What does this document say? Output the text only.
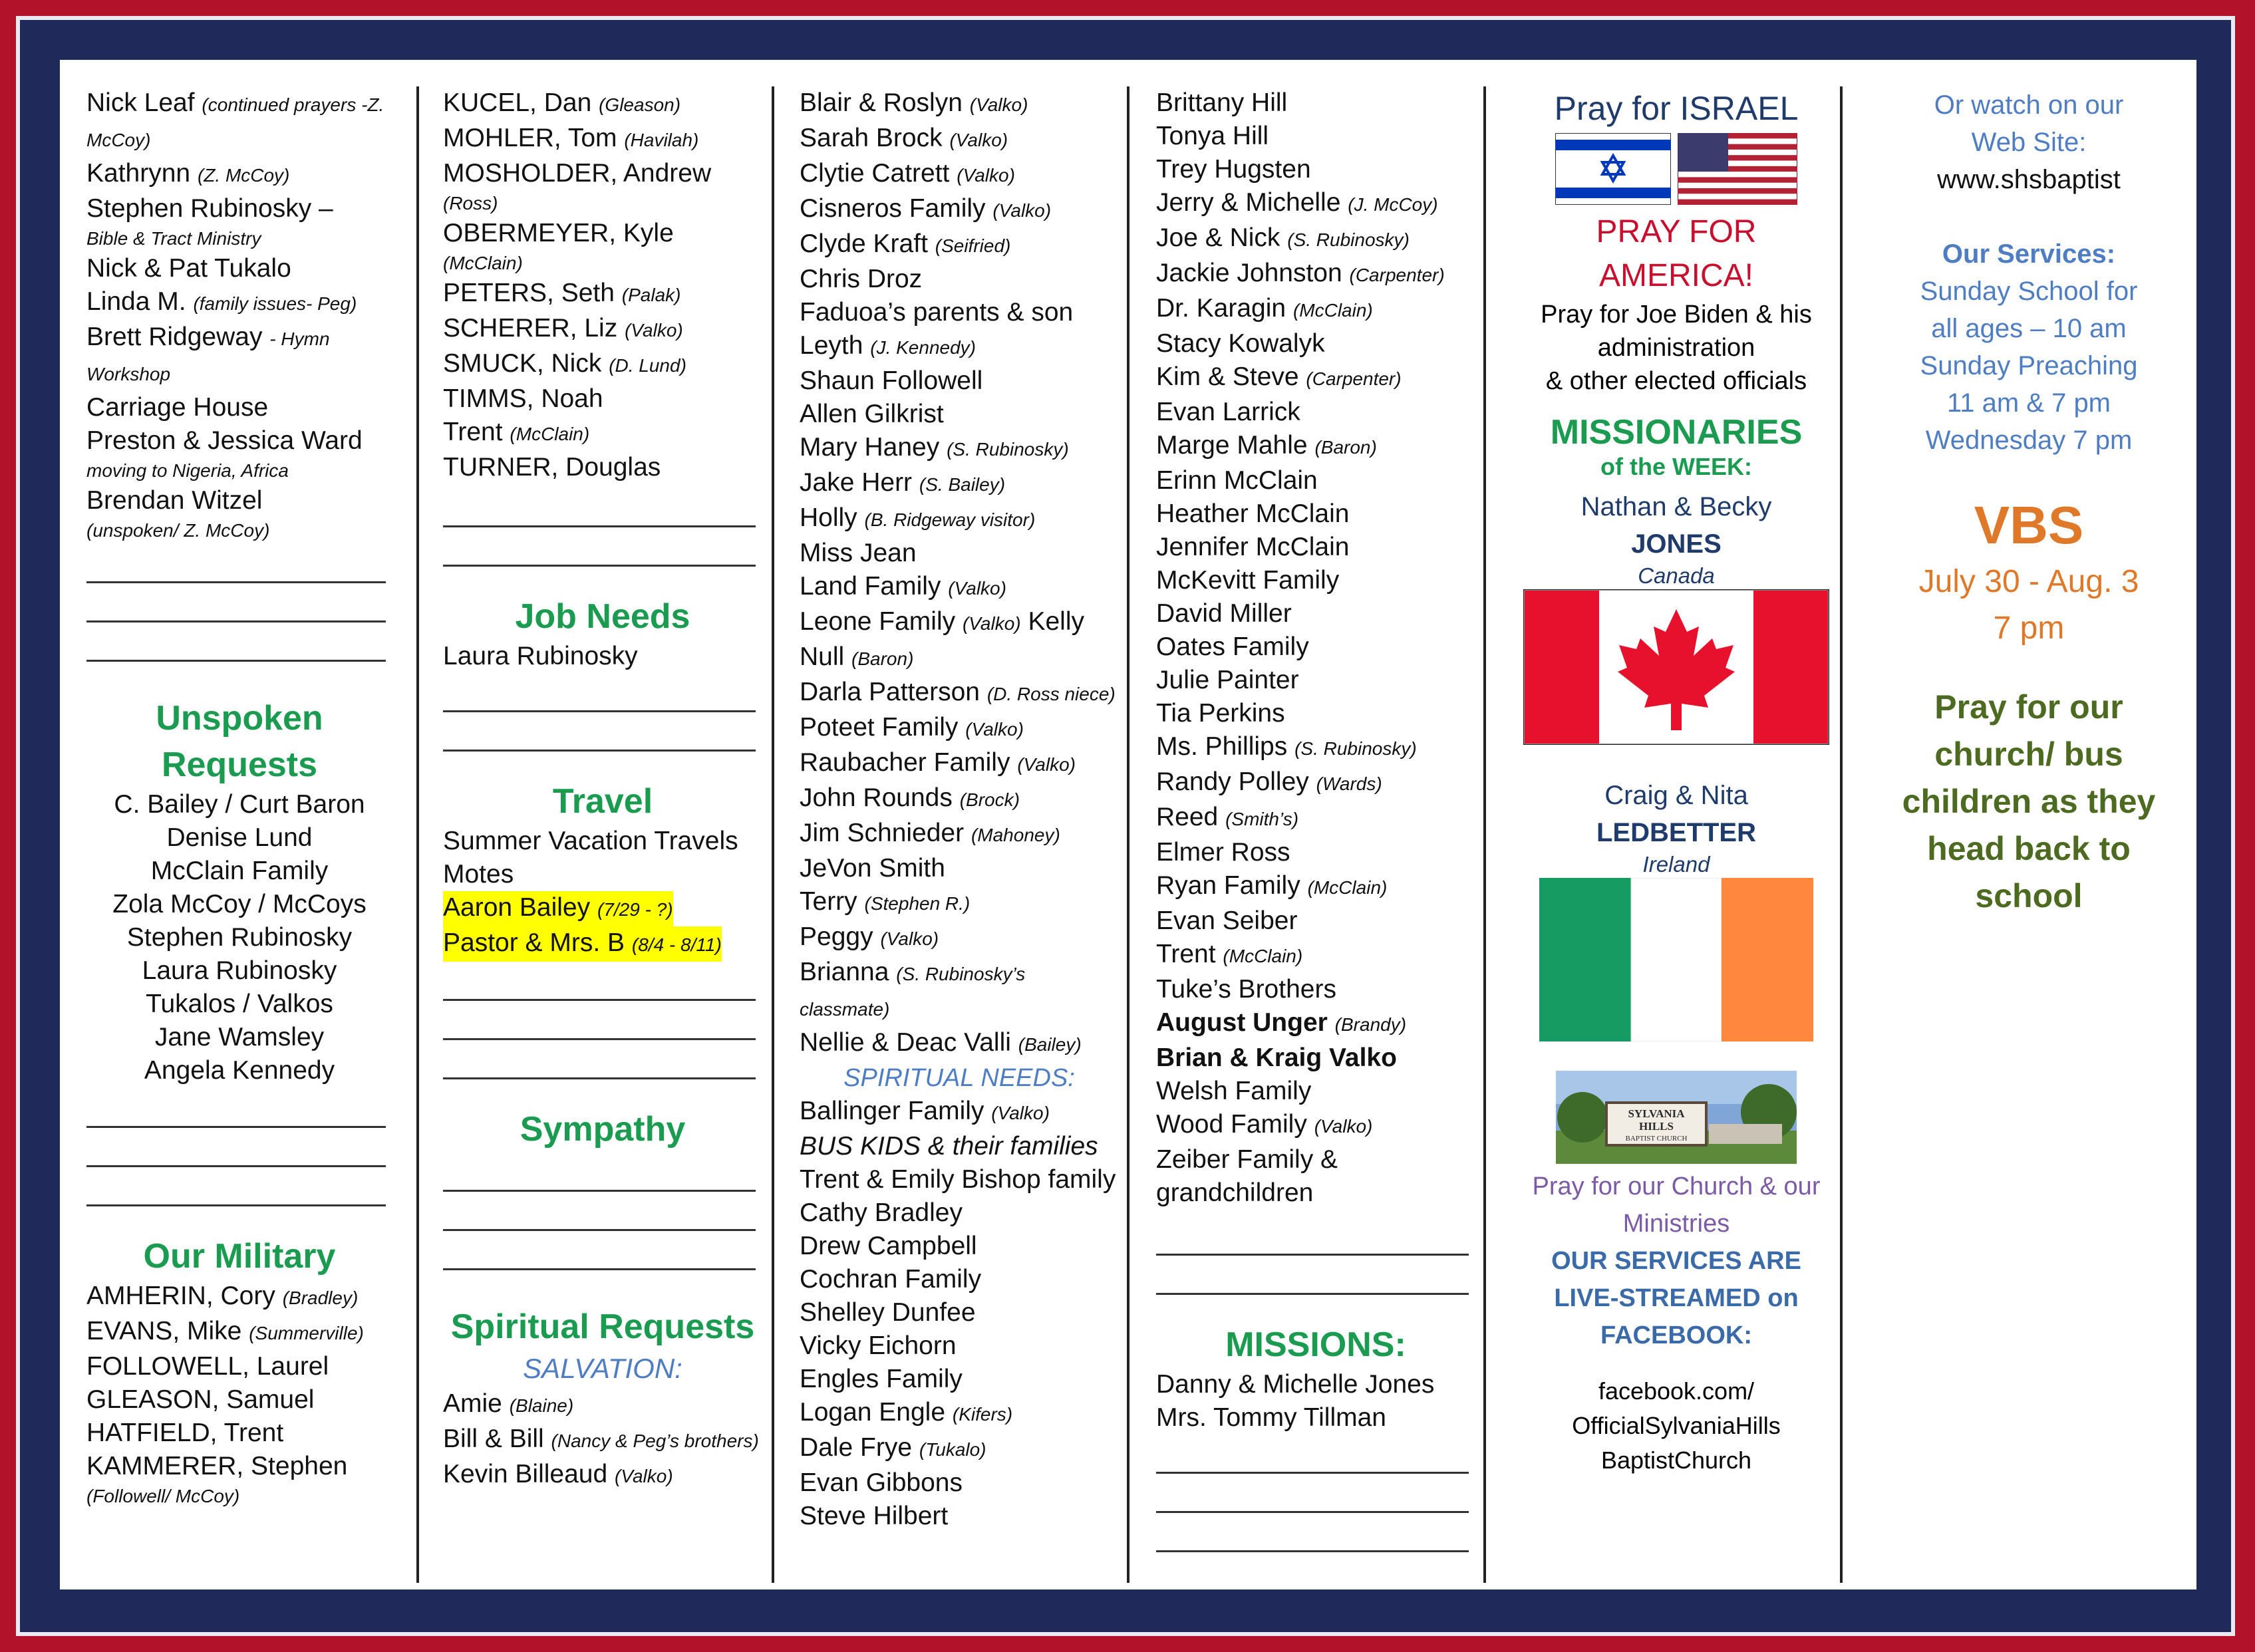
Nick Leaf (continued prayers -Z. McCoy)
Kathrynn (Z. McCoy)
Stephen Rubinosky –
Bible & Tract Ministry
Nick & Pat Tukalo
Linda M. (family issues- Peg)
Brett Ridgeway - Hymn Workshop
Carriage House
Preston & Jessica Ward
moving to Nigeria, Africa
Brendan Witzel
(unspoken/ Z. McCoy)
Unspoken Requests
C. Bailey / Curt Baron
Denise Lund
McClain Family
Zola McCoy / McCoys
Stephen Rubinosky
Laura Rubinosky
Tukalos / Valkos
Jane Wamsley
Angela Kennedy
Our Military
AMHERIN, Cory (Bradley)
EVANS, Mike (Summerville)
FOLLOWELL, Laurel
GLEASON, Samuel
HATFIELD, Trent
KAMMERER, Stephen
(Followell/ McCoy)
KUCEL, Dan (Gleason)
MOHLER, Tom (Havilah)
MOSHOLDER, Andrew
(Ross)
OBERMEYER, Kyle
(McClain)
PETERS, Seth (Palak)
SCHERER, Liz (Valko)
SMUCK, Nick (D. Lund)
TIMMS, Noah
Trent (McClain)
TURNER, Douglas
Job Needs
Laura Rubinosky
Travel
Summer Vacation Travels
Motes
Aaron Bailey (7/29 - ?)
Pastor & Mrs. B (8/4 - 8/11)
Sympathy
Spiritual Requests
SALVATION:
Amie (Blaine)
Bill & Bill (Nancy & Peg’s brothers)
Kevin Billeaud (Valko)
Blair & Roslyn (Valko)
Sarah Brock (Valko)
Clytie Catrett (Valko)
Cisneros Family (Valko)
Clyde Kraft (Seifried)
Chris Droz
Faduoa’s parents & son
Leyth (J. Kennedy)
Shaun Followell
Allen Gilkrist
Mary Haney (S. Rubinosky)
Jake Herr (S. Bailey)
Holly (B. Ridgeway visitor)
Miss Jean
Land Family (Valko)
Leone Family (Valko) Kelly
Null (Baron)
Darla Patterson (D. Ross niece)
Poteet Family (Valko)
Raubacher Family (Valko)
John Rounds (Brock)
Jim Schnieder (Mahoney)
JeVon Smith
Terry (Stephen R.)
Peggy (Valko)
Brianna (S. Rubinosky’s classmate)
Nellie & Deac Valli (Bailey)
SPIRITUAL NEEDS:
Ballinger Family (Valko)
BUS KIDS & their families
Trent & Emily Bishop family
Cathy Bradley
Drew Campbell
Cochran Family
Shelley Dunfee
Vicky Eichorn
Engles Family
Logan Engle (Kifers)
Dale Frye (Tukalo)
Evan Gibbons
Steve Hilbert
Brittany Hill
Tonya Hill
Trey Hugsten
Jerry & Michelle (J. McCoy)
Joe & Nick (S. Rubinosky)
Jackie Johnston (Carpenter)
Dr. Karagin (McClain)
Stacy Kowalyk
Kim & Steve (Carpenter)
Evan Larrick
Marge Mahle (Baron)
Erinn McClain
Heather McClain
Jennifer McClain
McKevitt Family
David Miller
Oates Family
Julie Painter
Tia Perkins
Ms. Phillips (S. Rubinosky)
Randy Polley (Wards)
Reed (Smith’s)
Elmer Ross
Ryan Family (McClain)
Evan Seiber
Trent (McClain)
Tuke’s Brothers
August Unger (Brandy)
Brian & Kraig Valko
Welsh Family
Wood Family (Valko)
Zeiber Family & grandchildren
MISSIONS:
Danny & Michelle Jones
Mrs. Tommy Tillman
Pray for ISRAEL
PRAY FOR AMERICA!
Pray for Joe Biden & his administration
& other elected officials
MISSIONARIES
of the WEEK:
Nathan & Becky
JONES
Canada
Craig & Nita
LEDBETTER
Ireland
SYLVANIA
HILLS
BAPTIST CHURCH
Pray for our Church & our Ministries
OUR SERVICES ARE LIVE-STREAMED on FACEBOOK:
facebook.com/
OfficialSylvaniaHills
BaptistChurch
Or watch on our
Web Site:
www.shsbaptist
Our Services:
Sunday School for
all ages – 10 am
Sunday Preaching
11 am & 7 pm
Wednesday 7 pm
VBS
July 30 - Aug. 3
7 pm
Pray for our church/ bus children as they head back to school
